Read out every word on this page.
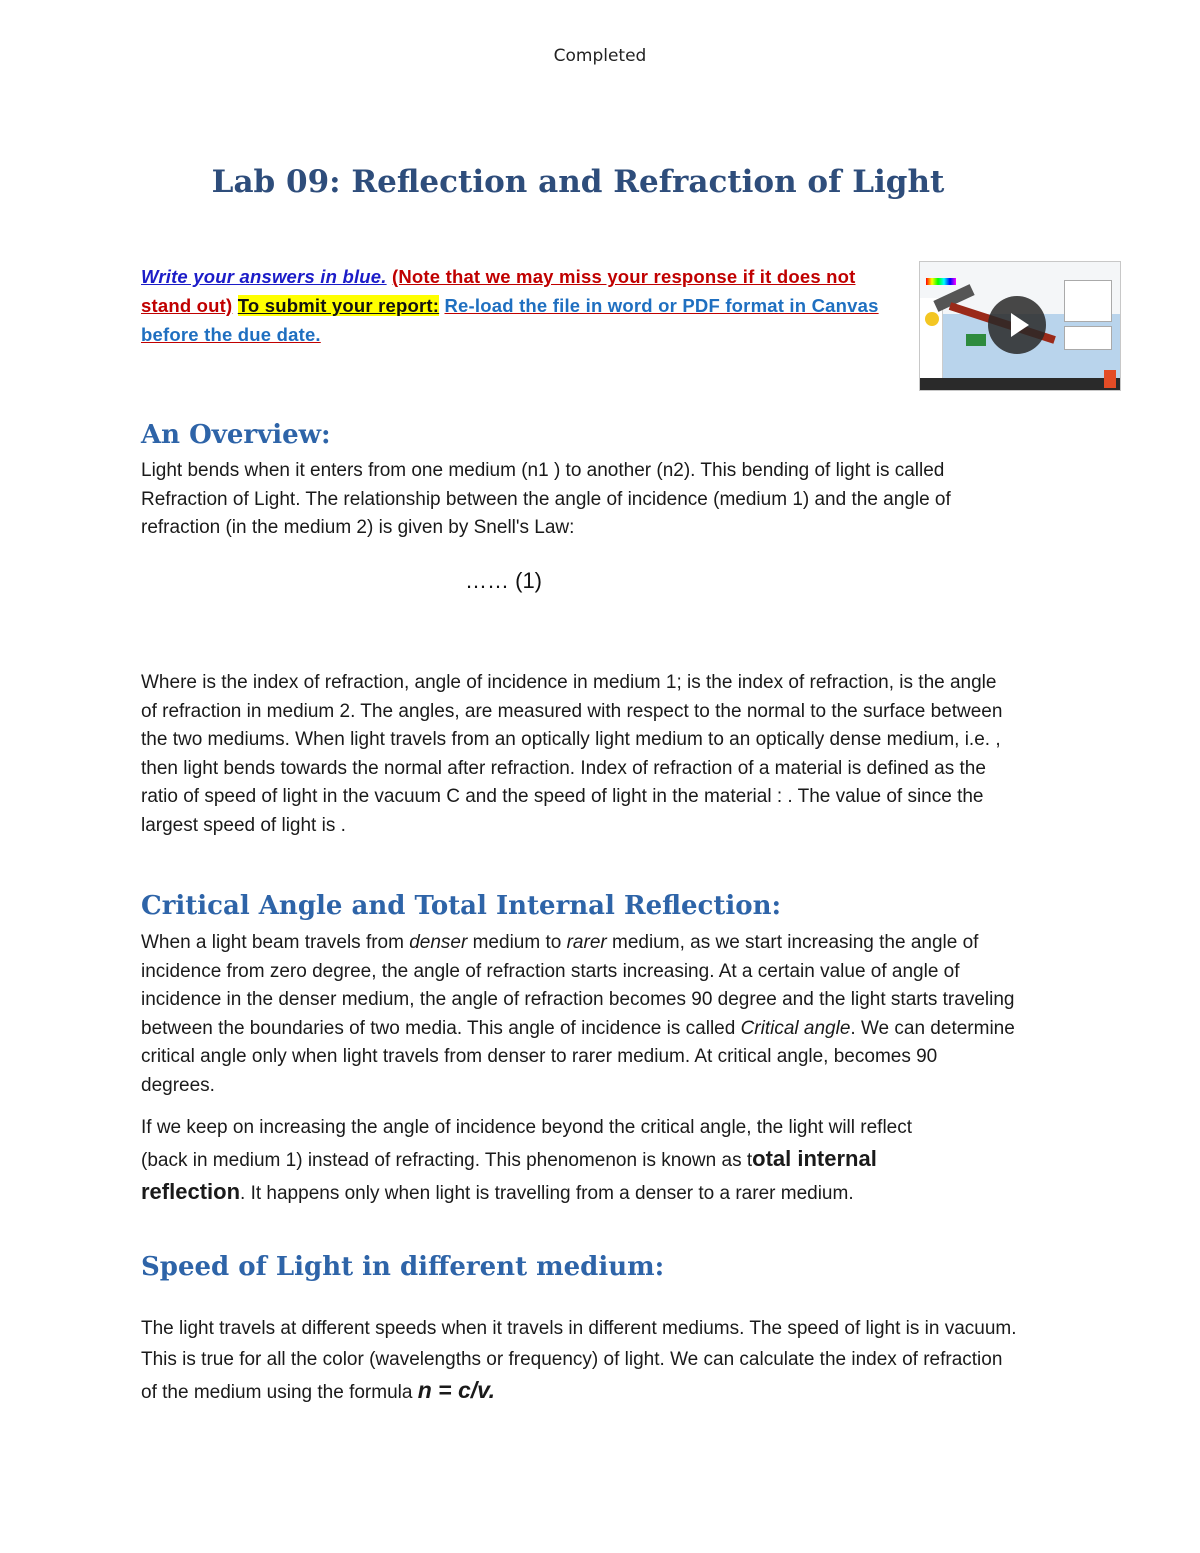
Completed
Lab 09: Reflection and Refraction of Light
Write your answers in blue. (Note that we may miss your response if it does not stand out) To submit your report: Re-load the file in word or PDF format in Canvas before the due date.
An Overview:
Light bends when it enters from one medium (n1 ) to another (n2). This bending of light is called Refraction of Light. The relationship between the angle of incidence (medium 1) and the angle of refraction (in the medium 2) is given by Snell's Law:
…… (1)
Where is the index of refraction, angle of incidence in medium 1; is the index of refraction, is the angle of refraction in medium 2. The angles, are measured with respect to the normal to the surface between the two mediums. When light travels from an optically light medium to an optically dense medium, i.e. , then light bends towards the normal after refraction. Index of refraction of a material is defined as the ratio of speed of light in the vacuum C and the speed of light in the material : . The value of since the largest speed of light is .
Critical Angle and Total Internal Reflection:
When a light beam travels from denser medium to rarer medium, as we start increasing the angle of incidence from zero degree, the angle of refraction starts increasing. At a certain value of angle of incidence in the denser medium, the angle of refraction becomes 90 degree and the light starts traveling between the boundaries of two media. This angle of incidence is called Critical angle. We can determine critical angle only when light travels from denser to rarer medium. At critical angle, becomes 90 degrees.
If we keep on increasing the angle of incidence beyond the critical angle, the light will reflect (back in medium 1) instead of refracting. This phenomenon is known as total internal reflection. It happens only when light is travelling from a denser to a rarer medium.
Speed of Light in different medium:
The light travels at different speeds when it travels in different mediums. The speed of light is in vacuum. This is true for all the color (wavelengths or frequency) of light. We can calculate the index of refraction of the medium using the formula n = c/v.
